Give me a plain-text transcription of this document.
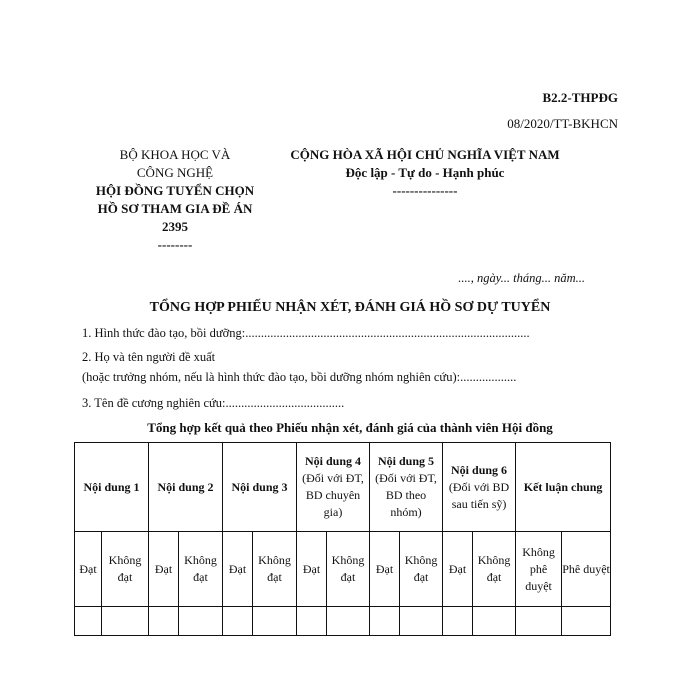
B2.2-THPĐG
08/2020/TT-BKHCN
BỘ KHOA HỌC VÀ
CÔNG NGHỆ
HỘI ĐỒNG TUYỂN CHỌN
HỒ SƠ THAM GIA ĐỀ ÁN
2395
--------
CỘNG HÒA XÃ HỘI CHỦ NGHĨA VIỆT NAM
Độc lập - Tự do - Hạnh phúc
---------------
...., ngày... tháng... năm...
TỔNG HỢP PHIẾU NHẬN XÉT, ĐÁNH GIÁ HỒ SƠ DỰ TUYỂN
1. Hình thức đào tạo, bồi dưỡng:...........................................................................................
2. Họ và tên người đề xuất
(hoặc trưởng nhóm, nếu là hình thức đào tạo, bồi dưỡng nhóm nghiên cứu):..................
3. Tên đề cương nghiên cứu:......................................
Tổng hợp kết quả theo Phiếu nhận xét, đánh giá của thành viên Hội đồng
Nội dung 1		Nội dung 2		Nội dung 3		Nội dung 4 (Đối với ĐT, BD chuyên gia)		Nội dung 5 (Đối với ĐT, BD theo nhóm)		Nội dung 6 (Đối với BD sau tiến sỹ)		Kết luận chung	
Đạt	Không đạt	Đạt	Không đạt	Đạt	Không đạt	Đạt	Không đạt	Đạt	Không đạt	Đạt	Không đạt	Không phê duyệt	Phê duyệt
